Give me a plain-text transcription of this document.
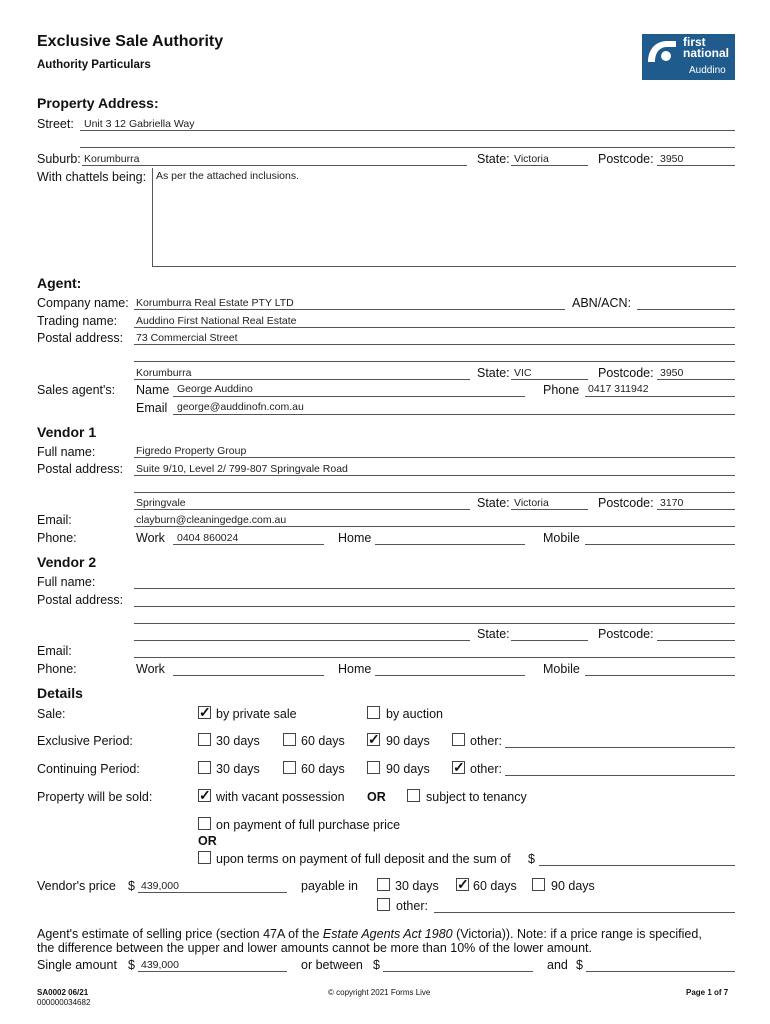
Exclusive Sale Authority
Authority Particulars
first
national
Auddino
Property Address:
Street: Unit 3 12 Gabriella Way
Suburb: Korumburra	State: Victoria	Postcode: 3950
With chattels being: As per the attached inclusions.
Agent:
Company name: Korumburra Real Estate PTY LTD	ABN/ACN:
Trading name: Auddino First National Real Estate
Postal address: 73 Commercial Street
Korumburra	State: VIC	Postcode: 3950
Sales agent's: Name George Auddino	Phone 0417 311942
Email george@auddinofn.com.au
Vendor 1
Full name:	Figredo Property Group
Postal address: Suite 9/10, Level 2/ 799-807 Springvale Road
Springvale	State: Victoria	Postcode: 3170
Email:	clayburn@cleaningedge.com.au
Phone:	Work 0404 860024	Home	Mobile
Vendor 2
Full name:
Postal address:
State:	Postcode:
Email:
Phone:	Work	Home	Mobile
Details
Sale:	✓ by private sale	by auction
Exclusive Period:	30 days	60 days ✓ 90 days	other:
Continuing Period:	30 days	60 days	90 days ✓ other:
Property will be sold:	✓ with vacant possession OR	subject to tenancy
on payment of full purchase price
OR
upon terms on payment of full deposit and the sum of $
Vendor's price $ 439,000	payable in	30 days ✓ 60 days	90 days
other:
Agent's estimate of selling price (section 47A of the Estate Agents Act 1980 (Victoria)). Note: if a price range is specified,
the difference between the upper and lower amounts cannot be more than 10% of the lower amount.
Single amount $ 439,000	or between $	and $
SA0002 06/21
000000034682
© copyright 2021 Forms Live	Page 1 of 7
